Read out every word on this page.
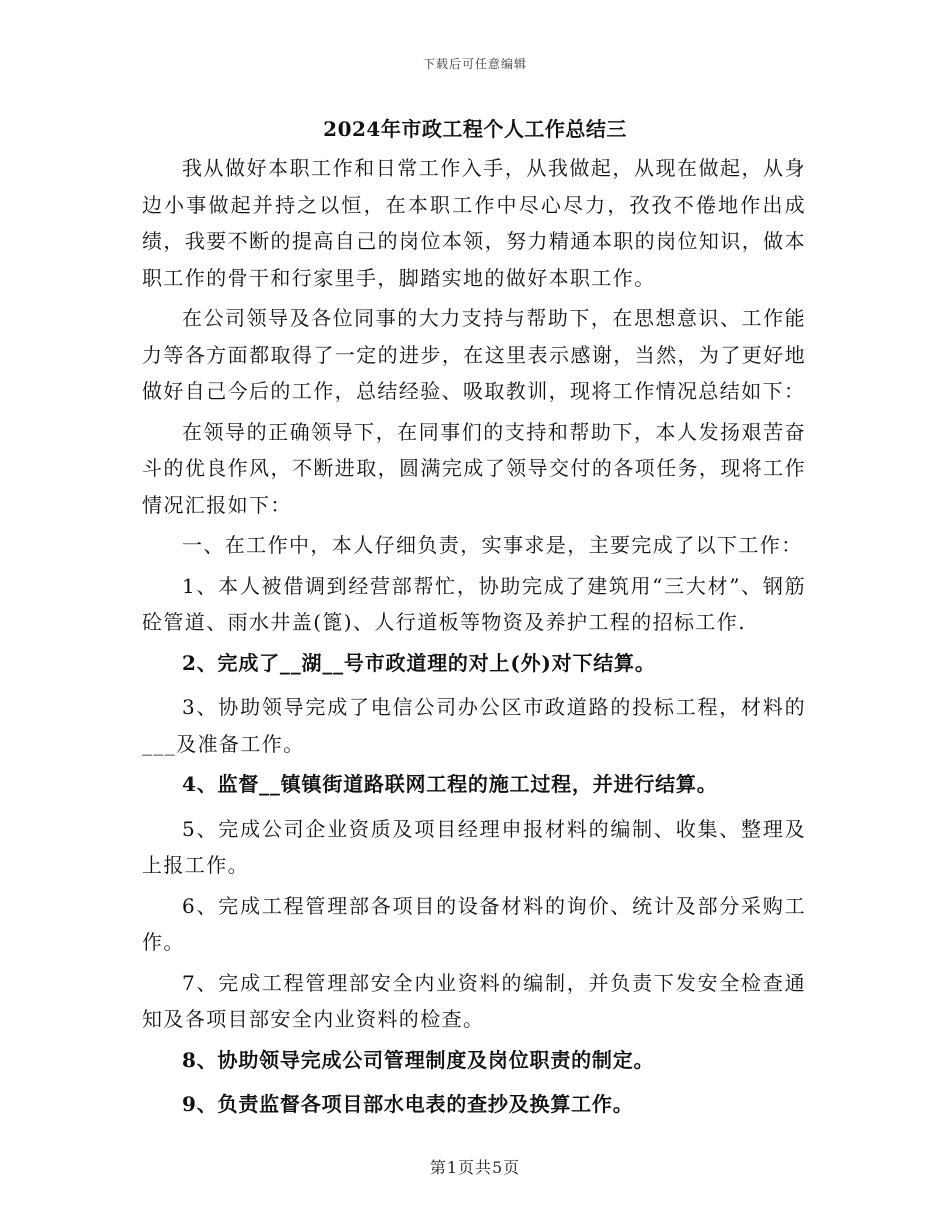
下载后可任意编辑
2024年市政工程个人工作总结三

我从做好本职工作和日常工作入手，从我做起，从现在做起，从身边小事做起并持之以恒，在本职工作中尽心尽力，孜孜不倦地作出成绩，我要不断的提高自己的岗位本领，努力精通本职的岗位知识，做本职工作的骨干和行家里手，脚踏实地的做好本职工作。

在公司领导及各位同事的大力支持与帮助下，在思想意识、工作能力等各方面都取得了一定的进步，在这里表示感谢，当然，为了更好地做好自己今后的工作，总结经验、吸取教训，现将工作情况总结如下：

在领导的正确领导下，在同事们的支持和帮助下，本人发扬艰苦奋斗的优良作风，不断进取，圆满完成了领导交付的各项任务，现将工作情况汇报如下：

一、在工作中，本人仔细负责，实事求是，主要完成了以下工作：

1、本人被借调到经营部帮忙，协助完成了建筑用“三大材”、钢筋砼管道、雨水井盖(篦)、人行道板等物资及养护工程的招标工作.

2、完成了__湖__号市政道理的对上(外)对下结算。

3、协助领导完成了电信公司办公区市政道路的投标工程，材料的___及准备工作。

4、监督__镇镇街道路联网工程的施工过程，并进行结算。

5、完成公司企业资质及项目经理申报材料的编制、收集、整理及上报工作。

6、完成工程管理部各项目的设备材料的询价、统计及部分采购工作。

7、完成工程管理部安全内业资料的编制，并负责下发安全检查通知及各项目部安全内业资料的检查。

8、协助领导完成公司管理制度及岗位职责的制定。

9、负责监督各项目部水电表的查抄及换算工作。

第1页共5页
